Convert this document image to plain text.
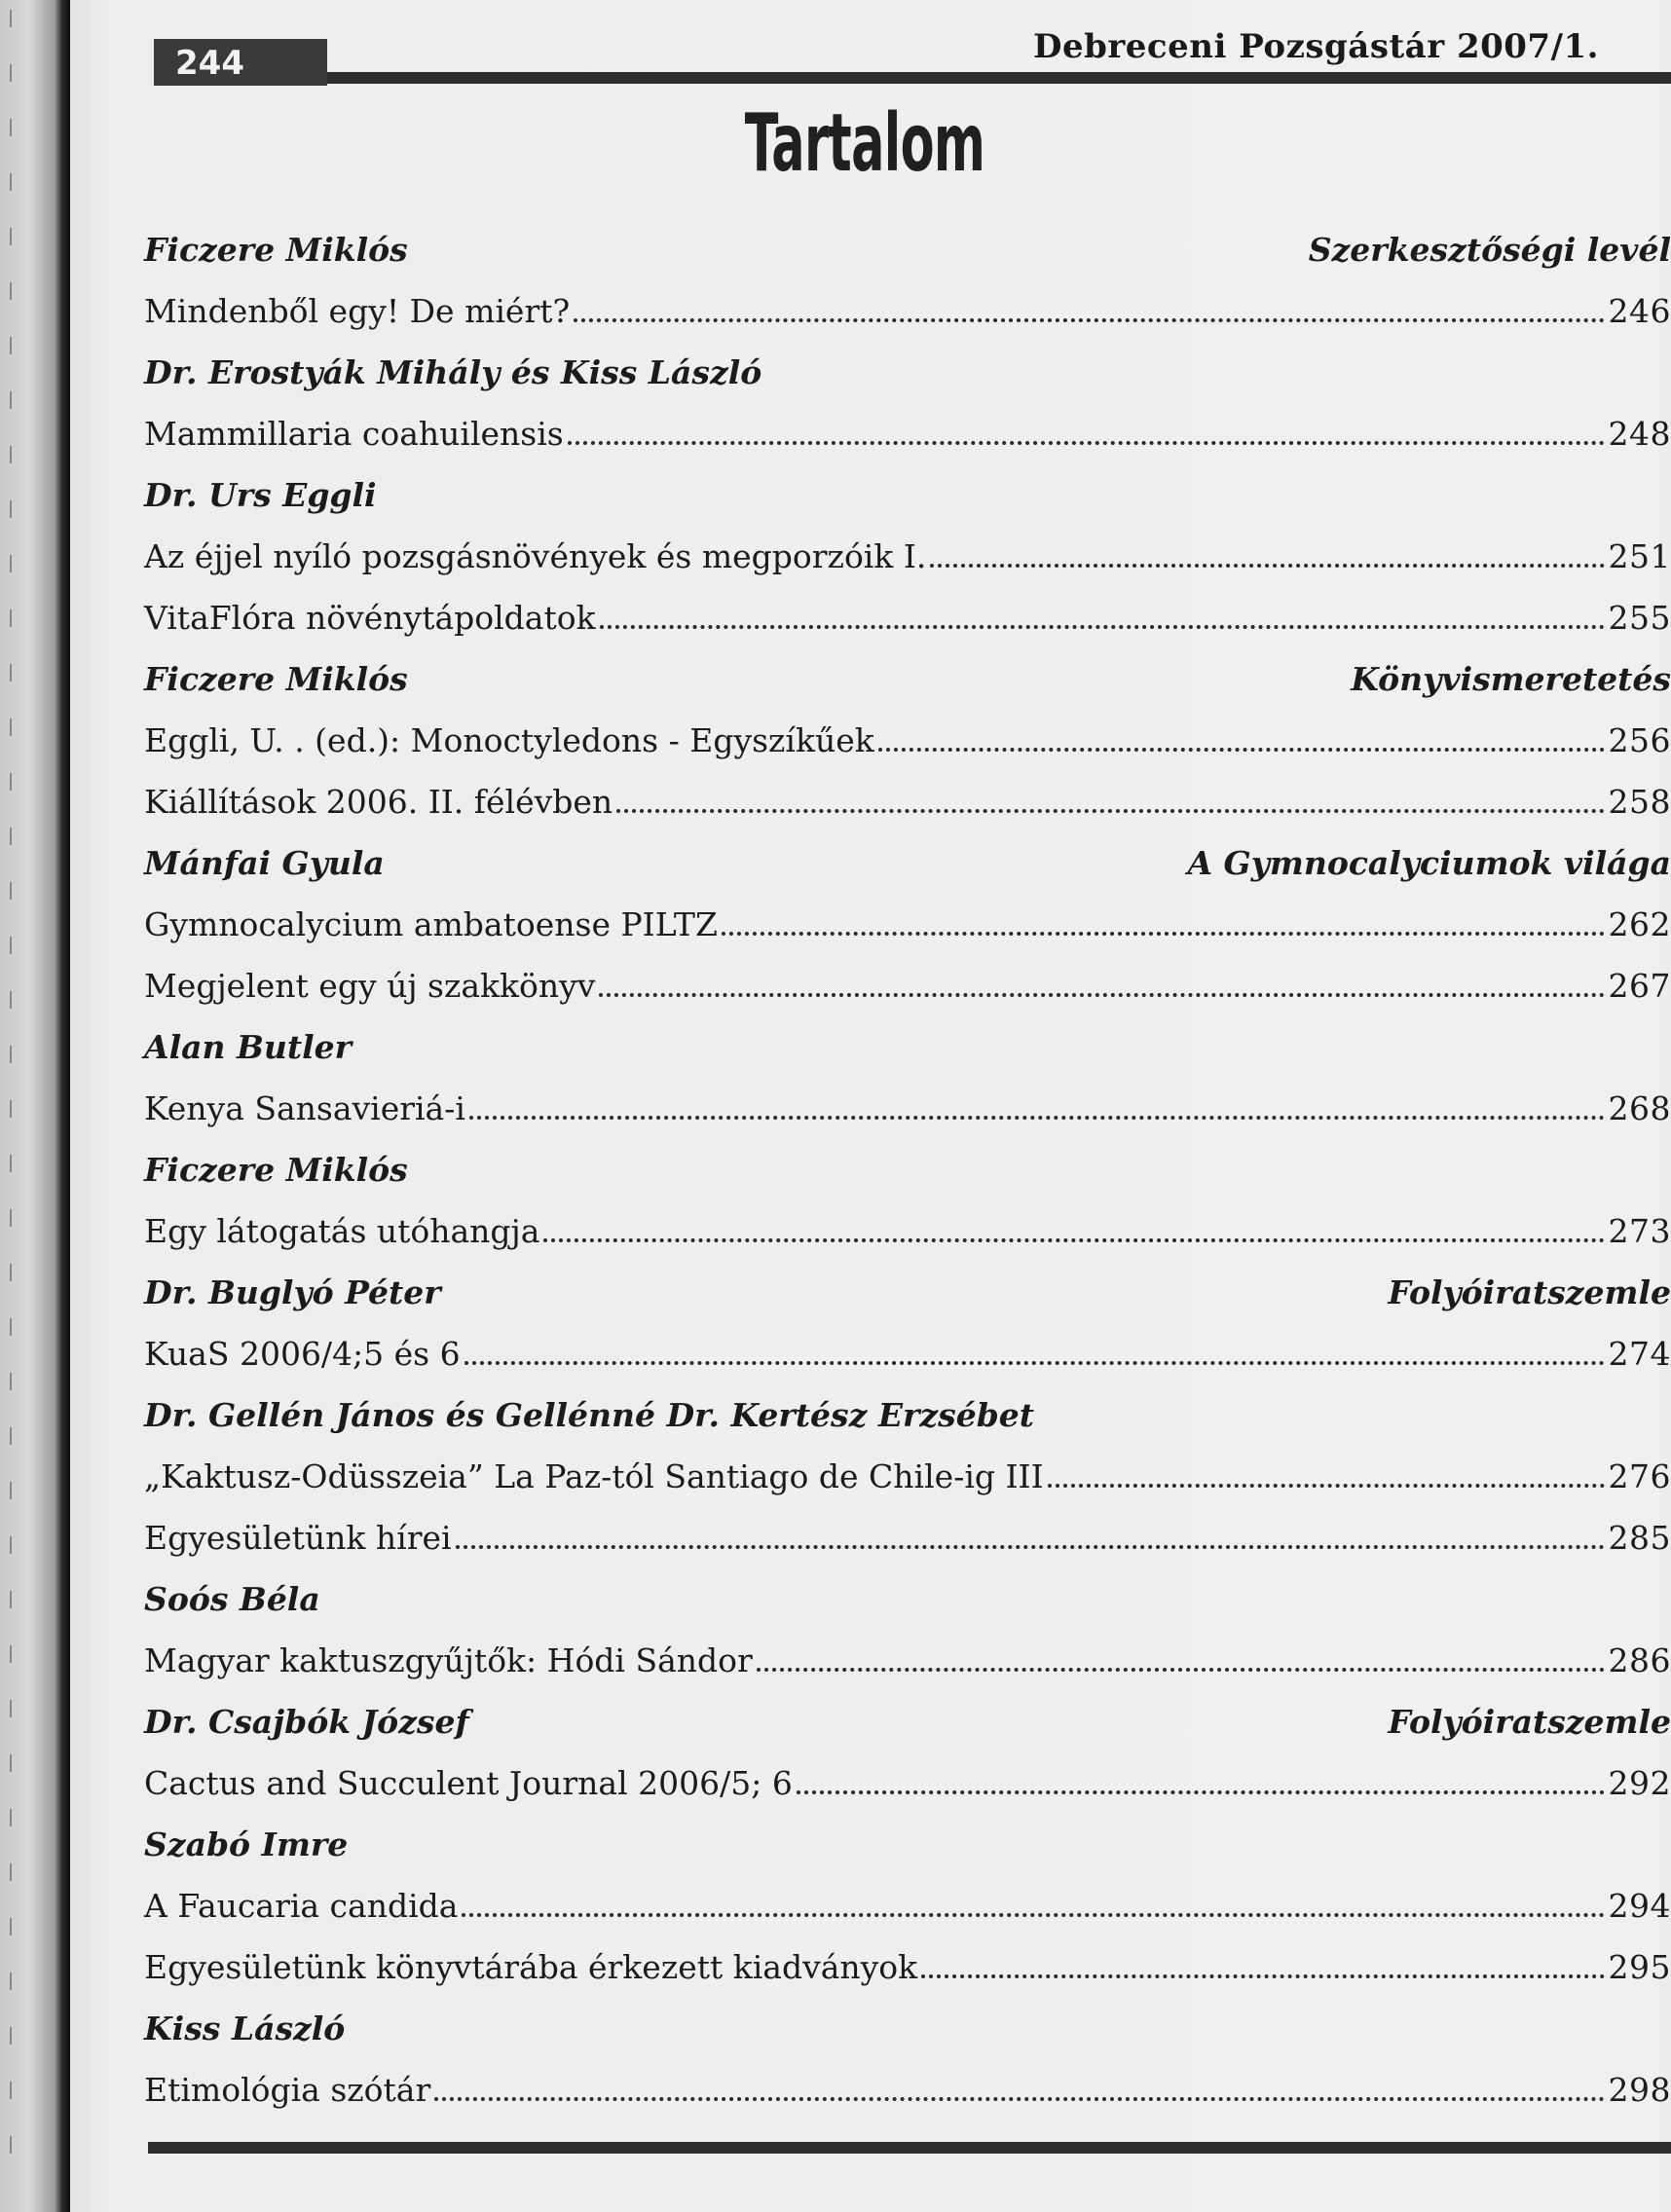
244	Debreceni Pozsgástár 2007/1.
Tartalom
Ficzere Miklós	Szerkesztőségi levél
Mindenből egy! De miért?	246
Dr. Erostyák Mihály és Kiss László
Mammillaria coahuilensis	248
Dr. Urs Eggli
Az éjjel nyíló pozsgásnövények és megporzóik I.	251
VitaFlóra növénytápoldatok	255
Ficzere Miklós	Könyvismeretetés
Eggli, U. . (ed.): Monoctyledons - Egyszíkűek	256
Kiállítások 2006. II. félévben	258
Mánfai Gyula	A Gymnocalyciumok világa
Gymnocalycium ambatoense PILTZ	262
Megjelent egy új szakkönyv	267
Alan Butler
Kenya Sansavieriá-i	268
Ficzere Miklós
Egy látogatás utóhangja	273
Dr. Buglyó Péter	Folyóiratszemle
KuaS 2006/4;5 és 6	274
Dr. Gellén János és Gellénné Dr. Kertész Erzsébet
„Kaktusz-Odüsszeia” La Paz-tól Santiago de Chile-ig III	276
Egyesületünk hírei	285
Soós Béla
Magyar kaktuszgyűjtők: Hódi Sándor	286
Dr. Csajbók József	Folyóiratszemle
Cactus and Succulent Journal 2006/5; 6	292
Szabó Imre
A Faucaria candida	294
Egyesületünk könyvtárába érkezett kiadványok	295
Kiss László
Etimológia szótár	298
